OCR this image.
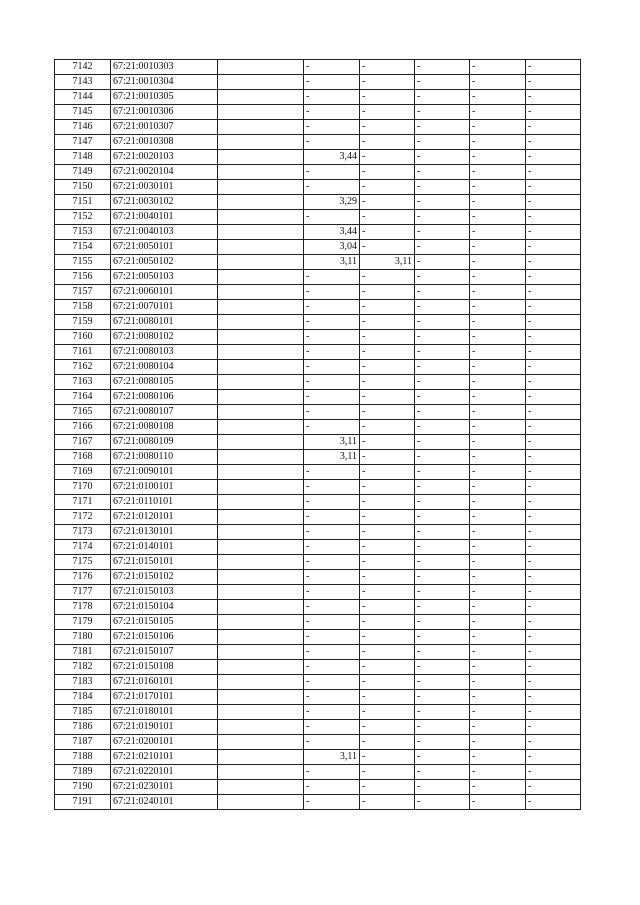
7142	67:21:0010303		-	-	-	-	-
7143	67:21:0010304		-	-	-	-	-
7144	67:21:0010305		-	-	-	-	-
7145	67:21:0010306		-	-	-	-	-
7146	67:21:0010307		-	-	-	-	-
7147	67:21:0010308		-	-	-	-	-
7148	67:21:0020103		3,44	-	-	-	-
7149	67:21:0020104		-	-	-	-	-
7150	67:21:0030101		-	-	-	-	-
7151	67:21:0030102		3,29	-	-	-	-
7152	67:21:0040101		-	-	-	-	-
7153	67:21:0040103		3,44	-	-	-	-
7154	67:21:0050101		3,04	-	-	-	-
7155	67:21:0050102		3,11	3,11	-	-	-
7156	67:21:0050103		-	-	-	-	-
7157	67:21:0060101		-	-	-	-	-
7158	67:21:0070101		-	-	-	-	-
7159	67:21:0080101		-	-	-	-	-
7160	67:21:0080102		-	-	-	-	-
7161	67:21:0080103		-	-	-	-	-
7162	67:21:0080104		-	-	-	-	-
7163	67:21:0080105		-	-	-	-	-
7164	67:21:0080106		-	-	-	-	-
7165	67:21:0080107		-	-	-	-	-
7166	67:21:0080108		-	-	-	-	-
7167	67:21:0080109		3,11	-	-	-	-
7168	67:21:0080110		3,11	-	-	-	-
7169	67:21:0090101		-	-	-	-	-
7170	67:21:0100101		-	-	-	-	-
7171	67:21:0110101		-	-	-	-	-
7172	67:21:0120101		-	-	-	-	-
7173	67:21:0130101		-	-	-	-	-
7174	67:21:0140101		-	-	-	-	-
7175	67:21:0150101		-	-	-	-	-
7176	67:21:0150102		-	-	-	-	-
7177	67:21:0150103		-	-	-	-	-
7178	67:21:0150104		-	-	-	-	-
7179	67:21:0150105		-	-	-	-	-
7180	67:21:0150106		-	-	-	-	-
7181	67:21:0150107		-	-	-	-	-
7182	67:21:0150108		-	-	-	-	-
7183	67:21:0160101		-	-	-	-	-
7184	67:21:0170101		-	-	-	-	-
7185	67:21:0180101		-	-	-	-	-
7186	67:21:0190101		-	-	-	-	-
7187	67:21:0200101		-	-	-	-	-
7188	67:21:0210101		3,11	-	-	-	-
7189	67:21:0220101		-	-	-	-	-
7190	67:21:0230101		-	-	-	-	-
7191	67:21:0240101		-	-	-	-	-
